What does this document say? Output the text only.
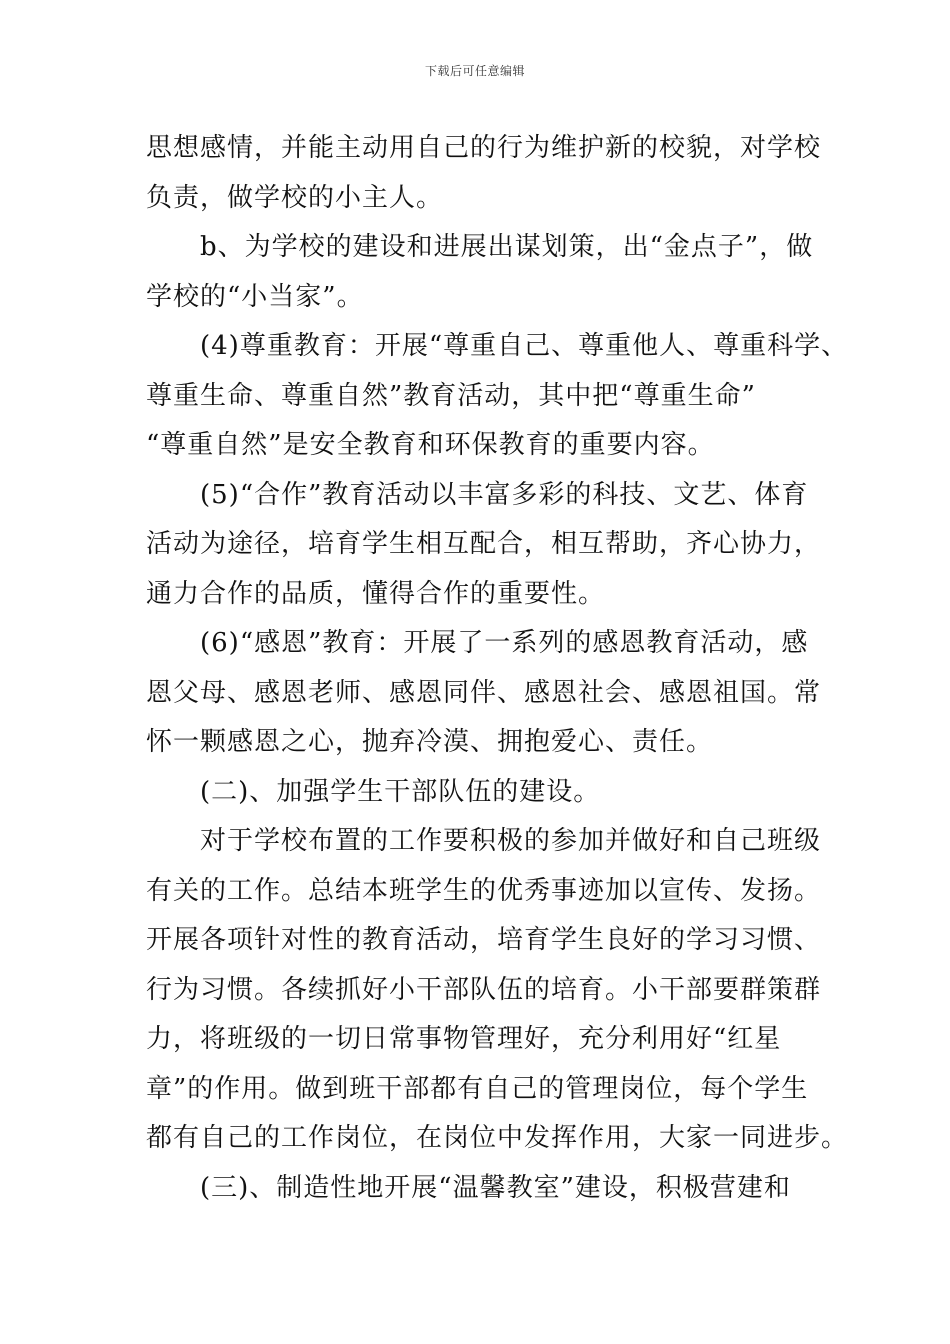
下载后可任意编辑
思想感情，并能主动用自己的行为维护新的校貌，对学校
负责，做学校的小主人。
　　b、为学校的建设和进展出谋划策，出“金点子”，做
学校的“小当家”。
　　(4)尊重教育：开展“尊重自己、尊重他人、尊重科学、
尊重生命、尊重自然”教育活动，其中把“尊重生命”
“尊重自然”是安全教育和环保教育的重要内容。
　　(5)“合作”教育活动以丰富多彩的科技、文艺、体育
活动为途径，培育学生相互配合，相互帮助，齐心协力，
通力合作的品质，懂得合作的重要性。
　　(6)“感恩”教育：开展了一系列的感恩教育活动，感
恩父母、感恩老师、感恩同伴、感恩社会、感恩祖国。常
怀一颗感恩之心，抛弃冷漠、拥抱爱心、责任。
　　(二)、加强学生干部队伍的建设。
　　对于学校布置的工作要积极的参加并做好和自己班级
有关的工作。总结本班学生的优秀事迹加以宣传、发扬。
开展各项针对性的教育活动，培育学生良好的学习习惯、
行为习惯。各续抓好小干部队伍的培育。小干部要群策群
力，将班级的一切日常事物管理好，充分利用好“红星
章”的作用。做到班干部都有自己的管理岗位，每个学生
都有自己的工作岗位，在岗位中发挥作用，大家一同进步。
　　(三)、制造性地开展“温馨教室”建设，积极营建和
